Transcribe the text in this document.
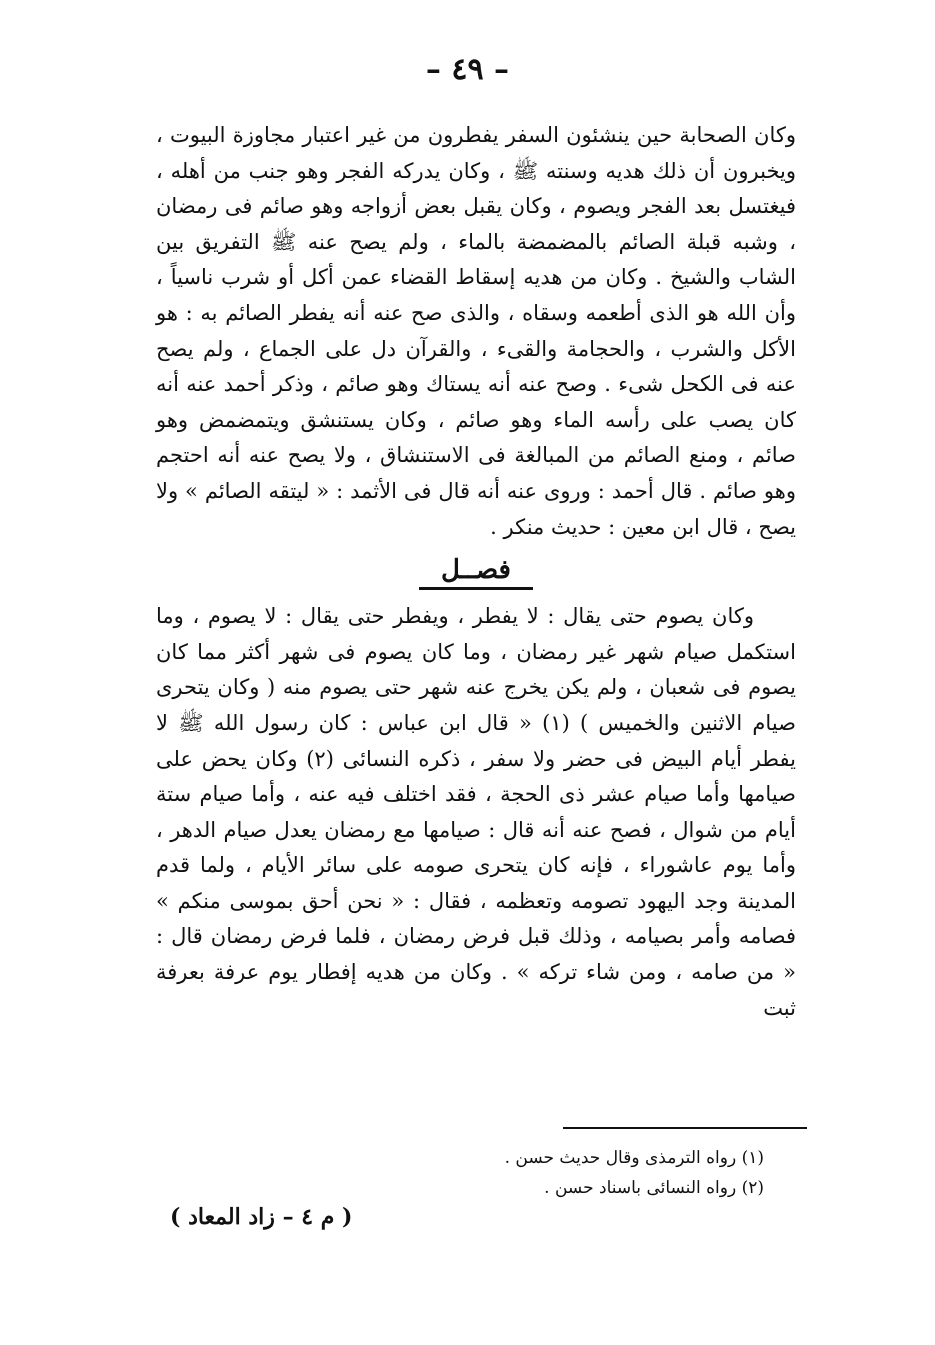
– ٤٩ –

وكان الصحابة حين ينشئون السفر يفطرون من غير اعتبار مجاوزة البيوت ، ويخبرون أن ذلك هديه وسنته ﷺ ، وكان يدركه الفجر وهو جنب من أهله ، فيغتسل بعد الفجر ويصوم ، وكان يقبل بعض أزواجه وهو صائم فى رمضان ، وشبه قبلة الصائم بالمضمضة بالماء ، ولم يصح عنه ﷺ التفريق بين الشاب والشيخ . وكان من هديه إسقاط القضاء عمن أكل أو شرب ناسياً ، وأن الله هو الذى أطعمه وسقاه ، والذى صح عنه أنه يفطر الصائم به : هو الأكل والشرب ، والحجامة والقىء ، والقرآن دل على الجماع ، ولم يصح عنه فى الكحل شىء . وصح عنه أنه يستاك وهو صائم ، وذكر أحمد عنه أنه كان يصب على رأسه الماء وهو صائم ، وكان يستنشق ويتمضمض وهو صائم ، ومنع الصائم من المبالغة فى الاستنشاق ، ولا يصح عنه أنه احتجم وهو صائم . قال أحمد : وروى عنه أنه قال فى الأثمد : « ليتقه الصائم » ولا يصح ، قال ابن معين : حديث منكر .

فصــل

وكان يصوم حتى يقال : لا يفطر ، ويفطر حتى يقال : لا يصوم ، وما استكمل صيام شهر غير رمضان ، وما كان يصوم فى شهر أكثر مما كان يصوم فى شعبان ، ولم يكن يخرج عنه شهر حتى يصوم منه ( وكان يتحرى صيام الاثنين والخميس ) (١) « قال ابن عباس : كان رسول الله ﷺ لا يفطر أيام البيض فى حضر ولا سفر ، ذكره النسائى (٢) وكان يحض على صيامها وأما صيام عشر ذى الحجة ، فقد اختلف فيه عنه ، وأما صيام ستة أيام من شوال ، فصح عنه أنه قال : صيامها مع رمضان يعدل صيام الدهر ، وأما يوم عاشوراء ، فإنه كان يتحرى صومه على سائر الأيام ، ولما قدم المدينة وجد اليهود تصومه وتعظمه ، فقال : « نحن أحق بموسى منكم » فصامه وأمر بصيامه ، وذلك قبل فرض رمضان ، فلما فرض رمضان قال : « من صامه ، ومن شاء تركه » . وكان من هديه إفطار يوم عرفة بعرفة ثبت

(١) رواه الترمذى وقال حديث حسن .
(٢) رواه النسائى باسناد حسن .
( م ٤ – زاد المعاد )
